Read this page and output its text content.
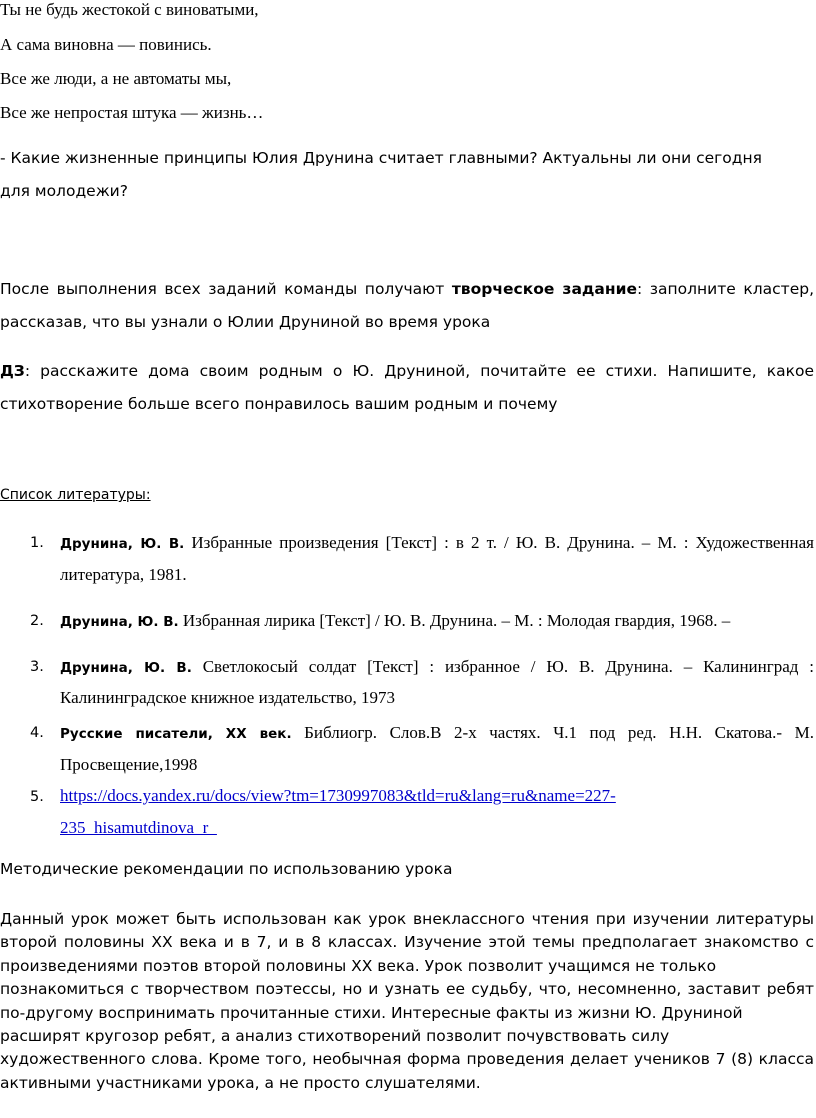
Ты не будь жестокой с виноватыми,
А сама виновна — повинись.
Все же люди, а не автоматы мы,
Все же непростая штука — жизнь…
- Какие жизненные принципы Юлия Друнина считает главными? Актуальны ли они сегодня
для молодежи?
После выполнения всех заданий команды получают творческое задание: заполните кластер,
рассказав, что вы узнали о Юлии Друниной во время урока
ДЗ: расскажите дома своим родным о Ю. Друниной, почитайте ее стихи. Напишите, какое
стихотворение больше всего понравилось вашим родным и почему
Список литературы:
1. Друнина, Ю. В. Избранные произведения [Текст] : в 2 т. / Ю. В. Друнина. – М. : Художественная
литература, 1981.
2. Друнина, Ю. В. Избранная лирика [Текст] / Ю. В. Друнина. – М. : Молодая гвардия, 1968. –
3. Друнина, Ю. В. Светлокосый солдат [Текст] : избранное / Ю. В. Друнина. – Калининград :
Калининградское книжное издательство, 1973
4. Русские писатели, XX век. Библиогр. Слов.В 2-х частях. Ч.1 под ред. Н.Н. Скатова.- М.
Просвещение,1998
5. https://docs.yandex.ru/docs/view?tm=1730997083&tld=ru&lang=ru&name=227-
235_hisamutdinova_r_
Методические рекомендации по использованию урока
Данный урок может быть использован как урок внеклассного чтения при изучении литературы
второй половины XX века и в 7, и в 8 классах. Изучение этой темы предполагает знакомство с
произведениями поэтов второй половины XX века. Урок позволит учащимся не только
познакомиться с творчеством поэтессы, но и узнать ее судьбу, что, несомненно, заставит ребят
по-другому воспринимать прочитанные стихи. Интересные факты из жизни Ю. Друниной
расширят кругозор ребят, а анализ стихотворений позволит почувствовать силу
художественного слова. Кроме того, необычная форма проведения делает учеников 7 (8) класса
активными участниками урока, а не просто слушателями.
